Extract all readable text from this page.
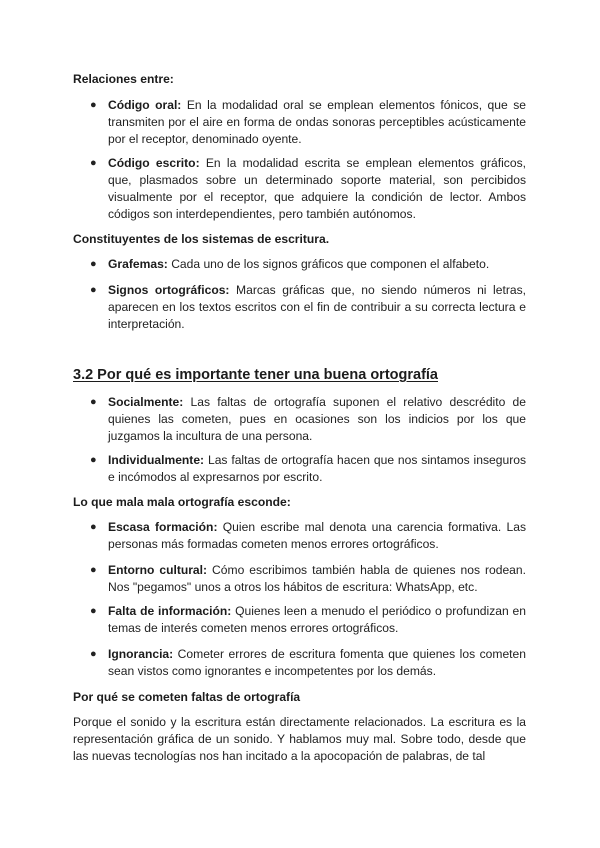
Relaciones entre:
● Código oral: En la modalidad oral se emplean elementos fónicos, que se transmiten por el aire en forma de ondas sonoras perceptibles acústicamente por el receptor, denominado oyente.
● Código escrito: En la modalidad escrita se emplean elementos gráficos, que, plasmados sobre un determinado soporte material, son percibidos visualmente por el receptor, que adquiere la condición de lector. Ambos códigos son interdependientes, pero también autónomos.
Constituyentes de los sistemas de escritura.
● Grafemas: Cada uno de los signos gráficos que componen el alfabeto.
● Signos ortográficos: Marcas gráficas que, no siendo números ni letras, aparecen en los textos escritos con el fin de contribuir a su correcta lectura e interpretación.
3.2 Por qué es importante tener una buena ortografía
● Socialmente: Las faltas de ortografía suponen el relativo descrédito de quienes las cometen, pues en ocasiones son los indicios por los que juzgamos la incultura de una persona.
● Individualmente: Las faltas de ortografía hacen que nos sintamos inseguros e incómodos al expresarnos por escrito.
Lo que mala mala ortografía esconde:
● Escasa formación: Quien escribe mal denota una carencia formativa. Las personas más formadas cometen menos errores ortográficos.
● Entorno cultural: Cómo escribimos también habla de quienes nos rodean. Nos "pegamos" unos a otros los hábitos de escritura: WhatsApp, etc.
● Falta de información: Quienes leen a menudo el periódico o profundizan en temas de interés cometen menos errores ortográficos.
● Ignorancia: Cometer errores de escritura fomenta que quienes los cometen sean vistos como ignorantes e incompetentes por los demás.
Por qué se cometen faltas de ortografía
Porque el sonido y la escritura están directamente relacionados. La escritura es la representación gráfica de un sonido. Y hablamos muy mal. Sobre todo, desde que las nuevas tecnologías nos han incitado a la apocopación de palabras, de tal
